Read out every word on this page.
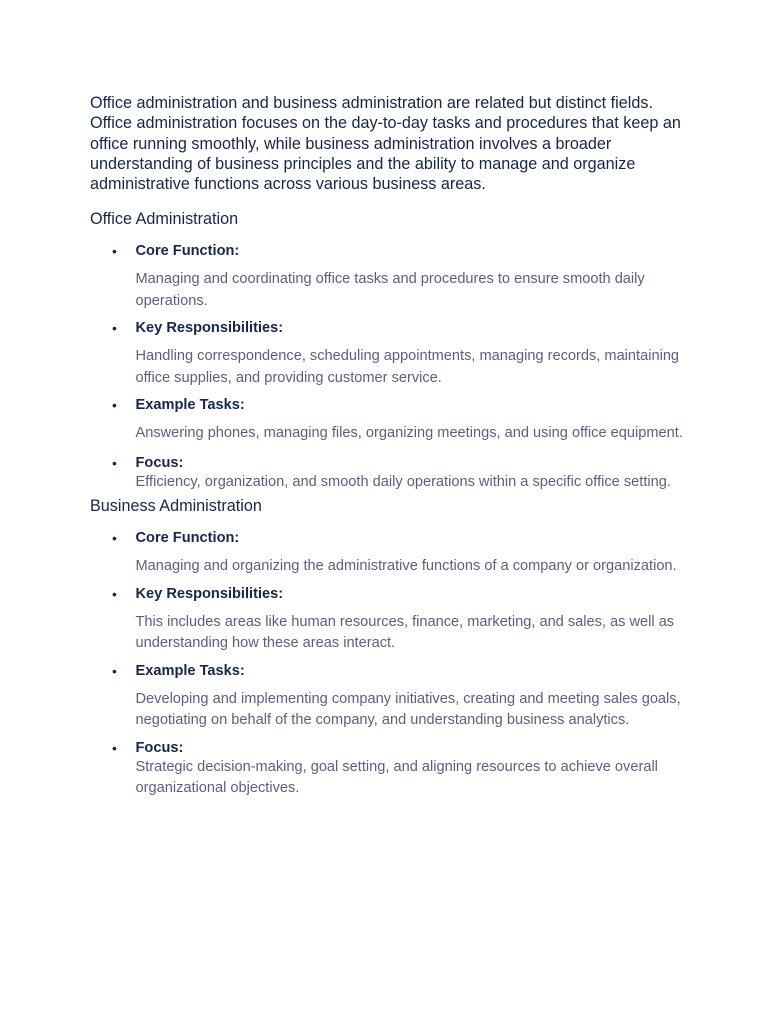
Office administration and business administration are related but distinct fields. Office administration focuses on the day-to-day tasks and procedures that keep an office running smoothly, while business administration involves a broader understanding of business principles and the ability to manage and organize administrative functions across various business areas.

Office Administration
• Core Function:
Managing and coordinating office tasks and procedures to ensure smooth daily operations.
• Key Responsibilities:
Handling correspondence, scheduling appointments, managing records, maintaining office supplies, and providing customer service.
• Example Tasks:
Answering phones, managing files, organizing meetings, and using office equipment.
• Focus:
Efficiency, organization, and smooth daily operations within a specific office setting.
Business Administration
• Core Function:
Managing and organizing the administrative functions of a company or organization.
• Key Responsibilities:
This includes areas like human resources, finance, marketing, and sales, as well as understanding how these areas interact.
• Example Tasks:
Developing and implementing company initiatives, creating and meeting sales goals, negotiating on behalf of the company, and understanding business analytics.
• Focus:
Strategic decision-making, goal setting, and aligning resources to achieve overall organizational objectives.
